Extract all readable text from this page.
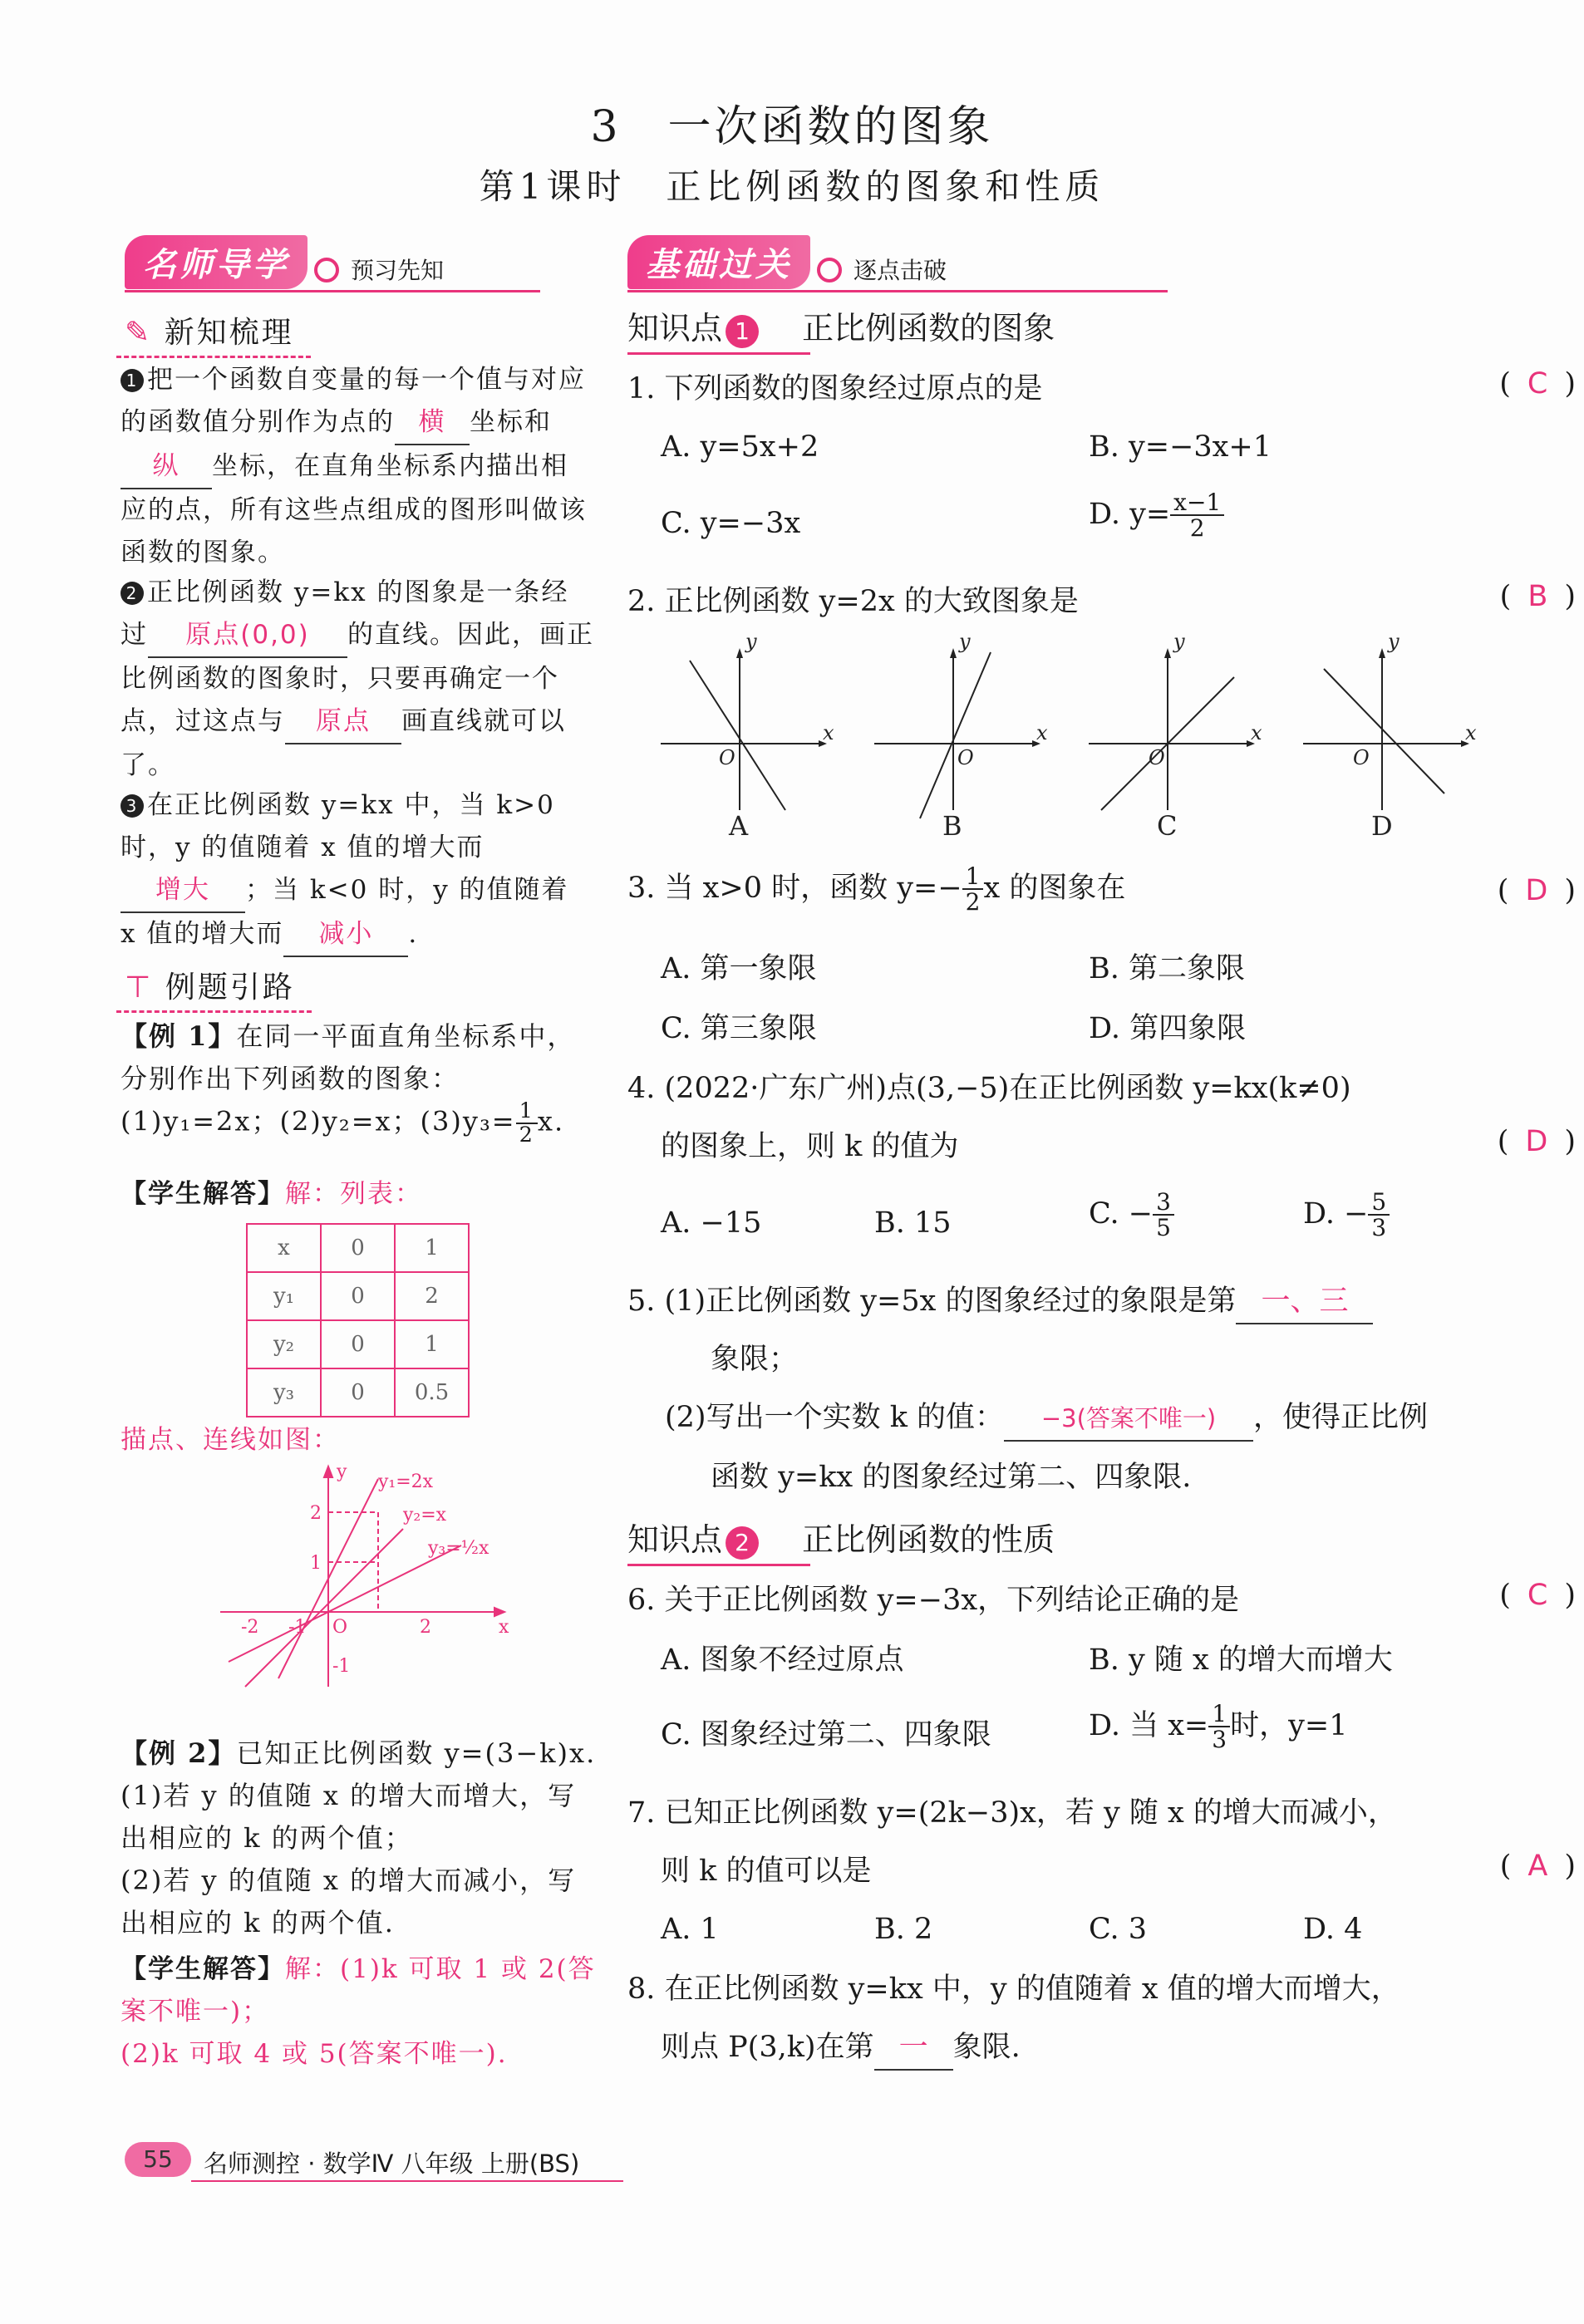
3　一次函数的图象
第1课时　正比例函数的图象和性质
名师导学	预习先知
✎ 新知梳理
1 把一个函数自变量的每一个值与对应的函数值分别作为点的 横 坐标和纵 坐标，在直角坐标系内描出相应的点，所有这些点组成的图形叫做该函数的图象。
2 正比例函数 y=kx 的图象是一条经过 原点(0,0) 的直线。因此，画正比例函数的图象时，只要再确定一个点，过这点与 原点 画直线就可以了。
3 在正比例函数 y=kx 中，当 k>0 时，y 的值随着 x 值的增大而增大 ；当 k<0 时，y 的值随着 x 值的增大而 减小 .
⊤ 例题引路
【例 1】在同一平面直角坐标系中，分别作出下列函数的图象：
(1)y₁=2x；(2)y₂=x；$(3)y_3= \frac{1}{2} x$.
【学生解答】解：列表：
x	0	1
y₁	0	2
y₂	0	1
y₃	0	0.5
描点、连线如图：
y₁=2x
y₂=x
y₃=½x
y
x
O
2
1
-1
-1
-2	2
【例 2】已知正比例函数 y=(3−k)x.
(1)若 y 的值随 x 的增大而增大，写出相应的 k 的两个值；
(2)若 y 的值随 x 的增大而减小，写出相应的 k 的两个值.
【学生解答】解：(1)k 可取 1 或 2(答案不唯一)；
(2)k 可取 4 或 5(答案不唯一).
基础过关	逐点击破
知识点 1 正比例函数的图象
1. 下列函数的图象经过原点的是	( C )
A. y=5x+2	B. y=−3x+1
C. y=−3x	D. $y= \frac{x-1}{2}$
2. 正比例函数 y=2x 的大致图象是	( B )
y
x
O
y
x
O
y
x
O
y
x
O
A	B	C	D
3. 当 x>0 时，函数 $y=- \frac{1}{2}$ x 的图象在	( D )
A. 第一象限	B. 第二象限
C. 第三象限	D. 第四象限
4. (2022·广东广州)点(3,−5)在正比例函数 y=kx(k≠0)
的图象上，则 k 的值为	( D )
A. −15	B. 15	C. − $\frac{3}{5}$	D. − $\frac{5}{3}$
5. (1)正比例函数 y=5x 的图象经过的象限是第 一、三
象限；
(2)写出一个实数 k 的值： −3(答案不唯一) ，使得正比例
函数 y=kx 的图象经过第二、四象限.
知识点 2 正比例函数的性质
6. 关于正比例函数 y=−3x，下列结论正确的是	( C )
A. 图象不经过原点	B. y 随 x 的增大而增大
C. 图象经过第二、四象限	D. 当 $x= \frac{1}{3}$ 时，y=1
7. 已知正比例函数 y=(2k−3)x，若 y 随 x 的增大而减小，
则 k 的值可以是	( A )
A. 1	B. 2	C. 3	D. 4
8. 在正比例函数 y=kx 中，y 的值随着 x 值的增大而增大，
则点 P(3,k)在第 一 象限.
55	名师测控 · 数学Ⅳ 八年级 上册(BS)
